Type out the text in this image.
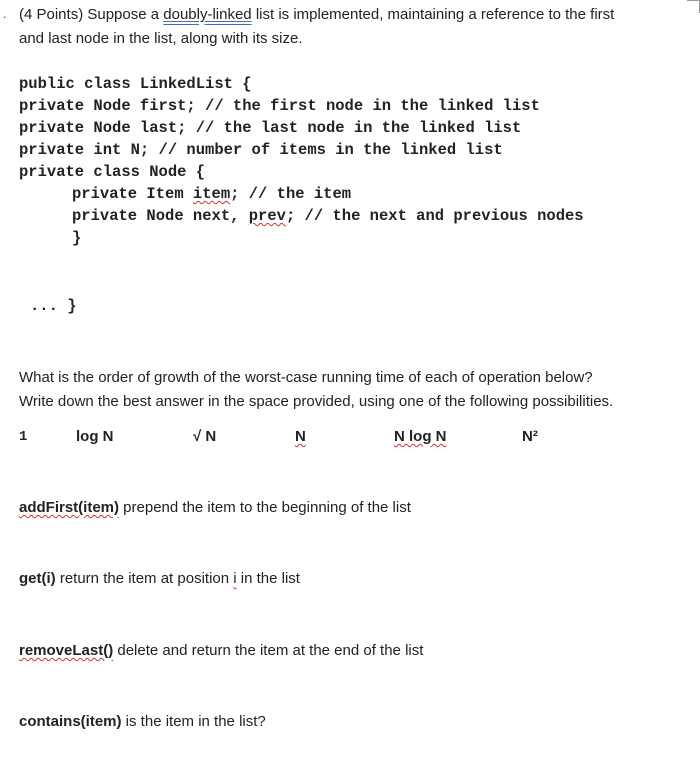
. (4 Points) Suppose a doubly-linked list is implemented, maintaining a reference to the first
and last node in the list, along with its size.
public class LinkedList {
private Node first; // the first node in the linked list
private Node last; // the last node in the linked list
private int N; // number of items in the linked list
private class Node {
private Item item; // the item
private Node next, prev; // the next and previous nodes
}
... }
What is the order of growth of the worst-case running time of each of operation below?
Write down the best answer in the space provided, using one of the following possibilities.
1	log N	√ N	N	N log N	N²
addFirst(item) prepend the item to the beginning of the list
get(i) return the item at position i in the list
removeLast() delete and return the item at the end of the list
contains(item) is the item in the list?
